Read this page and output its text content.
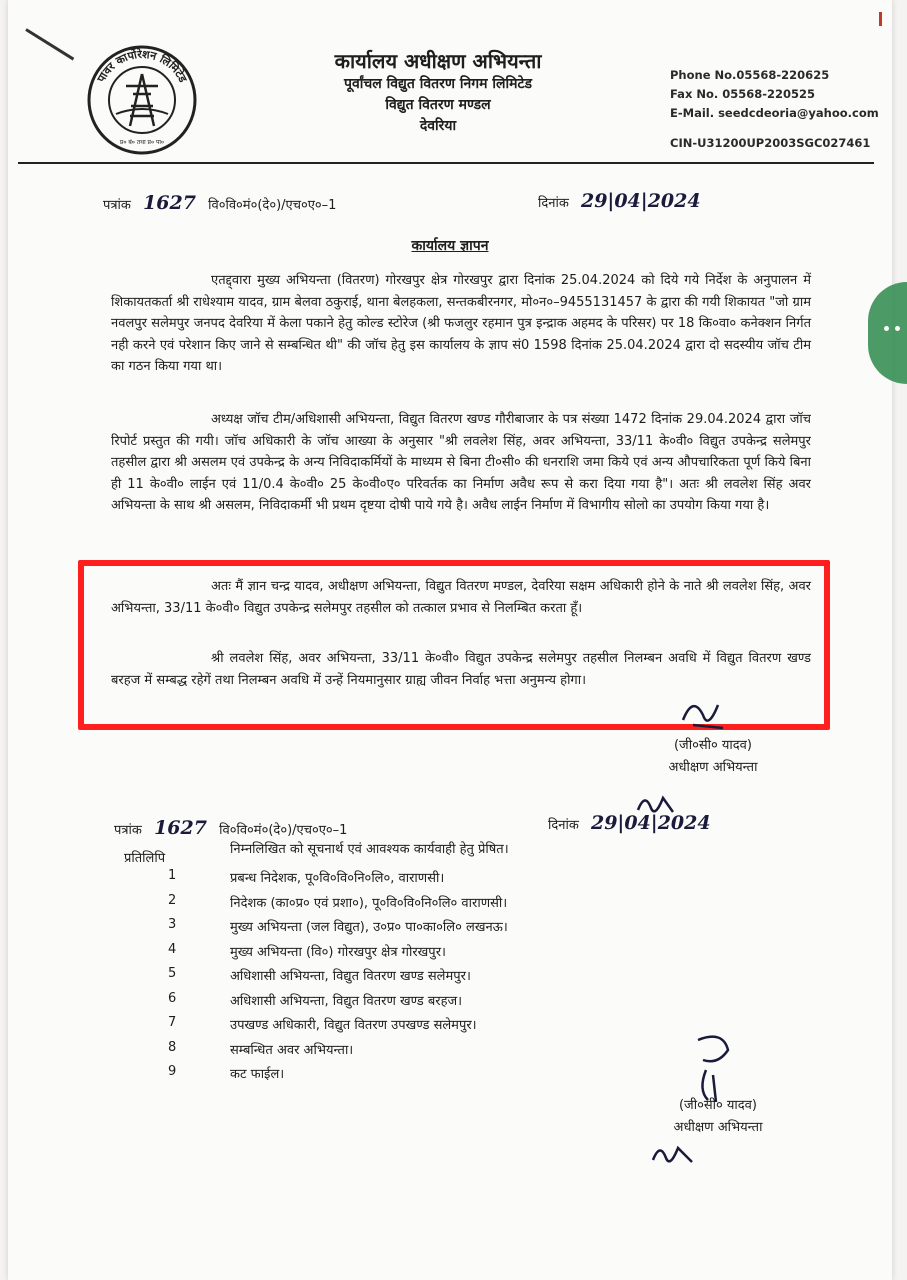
पावर कार्पोरेशन लिमिटेड
प्र० बं० तथा प्र० पा०
कार्यालय अधीक्षण अभियन्ता
पूर्वांचल विद्युत वितरण निगम लिमिटेड
विद्युत वितरण मण्डल
देवरिया
Phone No.05568-220625
Fax No. 05568-220525
E-Mail. seedcdeoria@yahoo.com
CIN-U31200UP2003SGC027461
पत्रांक 1627 वि०वि०मं०(दे०)/एच०ए०–1	दिनांक 29|04|2024
कार्यालय ज्ञापन
एतद्द्वारा मुख्य अभियन्ता (वितरण) गोरखपुर क्षेत्र गोरखपुर द्वारा दिनांक 25.04.2024 को दिये गये निर्देश के अनुपालन में शिकायतकर्ता श्री राधेश्याम यादव, ग्राम बेलवा ठकुराई, थाना बेलहकला, सन्तकबीरनगर, मो०न०–9455131457 के द्वारा की गयी शिकायत "जो ग्राम नवलपुर सलेमपुर जनपद देवरिया में केला पकाने हेतु कोल्ड स्टोरेज (श्री फजलुर रहमान पुत्र इन्द्राक अहमद के परिसर) पर 18 कि०वा० कनेक्शन निर्गत नही करने एवं परेशान किए जाने से सम्बन्धित थी" की जॉच हेतु इस कार्यालय के ज्ञाप सं0 1598 दिनांक 25.04.2024 द्वारा दो सदस्यीय जॉच टीम का गठन किया गया था।
अध्यक्ष जॉच टीम/अधिशासी अभियन्ता, विद्युत वितरण खण्ड गौरीबाजार के पत्र संख्या 1472 दिनांक 29.04.2024 द्वारा जॉच रिपोर्ट प्रस्तुत की गयी। जॉच अधिकारी के जॉच आख्या के अनुसार "श्री लवलेश सिंह, अवर अभियन्ता, 33/11 के०वी० विद्युत उपकेन्द्र सलेमपुर तहसील द्वारा श्री असलम एवं उपकेन्द्र के अन्य निविदाकर्मियों के माध्यम से बिना टी०सी० की धनराशि जमा किये एवं अन्य औपचारिकता पूर्ण किये बिना ही 11 के०वी० लाईन एवं 11/0.4 के०वी० 25 के०वी०ए० परिवर्तक का निर्माण अवैध रूप से करा दिया गया है"। अतः श्री लवलेश सिंह अवर अभियन्ता के साथ श्री असलम, निविदाकर्मी भी प्रथम दृष्टया दोषी पाये गये है। अवैध लाईन निर्माण में विभागीय सोलो का उपयोग किया गया है।
अतः मैं ज्ञान चन्द्र यादव, अधीक्षण अभियन्ता, विद्युत वितरण मण्डल, देवरिया सक्षम अधिकारी होने के नाते श्री लवलेश सिंह, अवर अभियन्ता, 33/11 के०वी० विद्युत उपकेन्द्र सलेमपुर तहसील को तत्काल प्रभाव से निलम्बित करता हूँ।
श्री लवलेश सिंह, अवर अभियन्ता, 33/11 के०वी० विद्युत उपकेन्द्र सलेमपुर तहसील निलम्बन अवधि में विद्युत वितरण खण्ड बरहज में सम्बद्ध रहेगें तथा निलम्बन अवधि में उन्हें नियमानुसार ग्राह्य जीवन निर्वाह भत्ता अनुमन्य होगा।
(जी०सी० यादव)
अधीक्षण अभियन्ता
पत्रांक 1627 वि०वि०मं०(दे०)/एच०ए०–1	दिनांक 29|04|2024
प्रतिलिपि
निम्नलिखित को सूचनार्थ एवं आवश्यक कार्यवाही हेतु प्रेषित।
1	प्रबन्ध निदेशक, पू०वि०वि०नि०लि०, वाराणसी।
2	निदेशक (का०प्र० एवं प्रशा०), पू०वि०वि०नि०लि० वाराणसी।
3	मुख्य अभियन्ता (जल विद्युत), उ०प्र० पा०का०लि० लखनऊ।
4	मुख्य अभियन्ता (वि०) गोरखपुर क्षेत्र गोरखपुर।
5	अधिशासी अभियन्ता, विद्युत वितरण खण्ड सलेमपुर।
6	अधिशासी अभियन्ता, विद्युत वितरण खण्ड बरहज।
7	उपखण्ड अधिकारी, विद्युत वितरण उपखण्ड सलेमपुर।
8	सम्बन्धित अवर अभियन्ता।
9	कट फाईल।
(जी०सी० यादव)
अधीक्षण अभियन्ता
